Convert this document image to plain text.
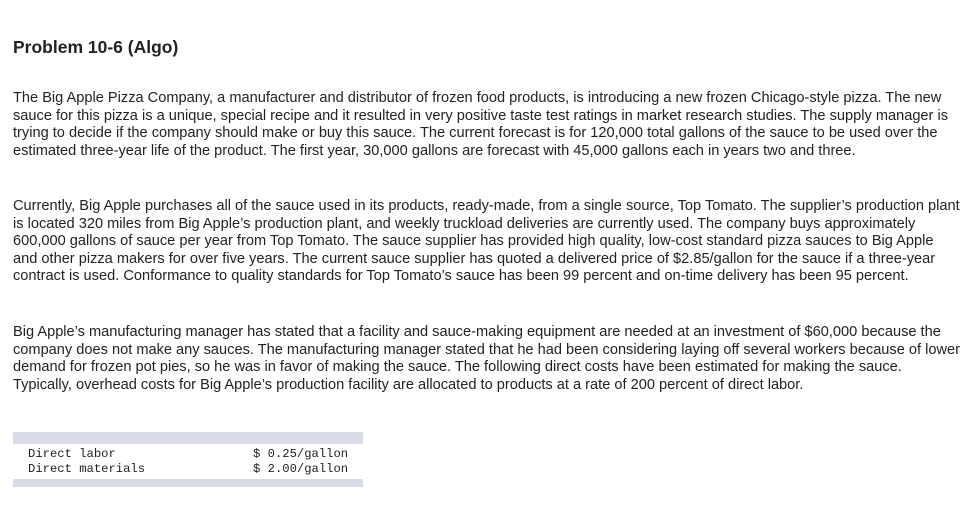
Problem 10-6 (Algo)

The Big Apple Pizza Company, a manufacturer and distributor of frozen food products, is introducing a new frozen Chicago-style pizza. The new sauce for this pizza is a unique, special recipe and it resulted in very positive taste test ratings in market research studies. The supply manager is trying to decide if the company should make or buy this sauce. The current forecast is for 120,000 total gallons of the sauce to be used over the estimated three-year life of the product. The first year, 30,000 gallons are forecast with 45,000 gallons each in years two and three.

Currently, Big Apple purchases all of the sauce used in its products, ready-made, from a single source, Top Tomato. The supplier’s production plant is located 320 miles from Big Apple’s production plant, and weekly truckload deliveries are currently used. The company buys approximately 600,000 gallons of sauce per year from Top Tomato. The sauce supplier has provided high quality, low-cost standard pizza sauces to Big Apple and other pizza makers for over five years. The current sauce supplier has quoted a delivered price of $2.85/gallon for the sauce if a three-year contract is used. Conformance to quality standards for Top Tomato’s sauce has been 99 percent and on-time delivery has been 95 percent.

Big Apple’s manufacturing manager has stated that a facility and sauce-making equipment are needed at an investment of $60,000 because the company does not make any sauces. The manufacturing manager stated that he had been considering laying off several workers because of lower demand for frozen pot pies, so he was in favor of making the sauce. The following direct costs have been estimated for making the sauce. Typically, overhead costs for Big Apple’s production facility are allocated to products at a rate of 200 percent of direct labor.

Direct labor	$ 0.25/gallon
Direct materials	$ 2.00/gallon
